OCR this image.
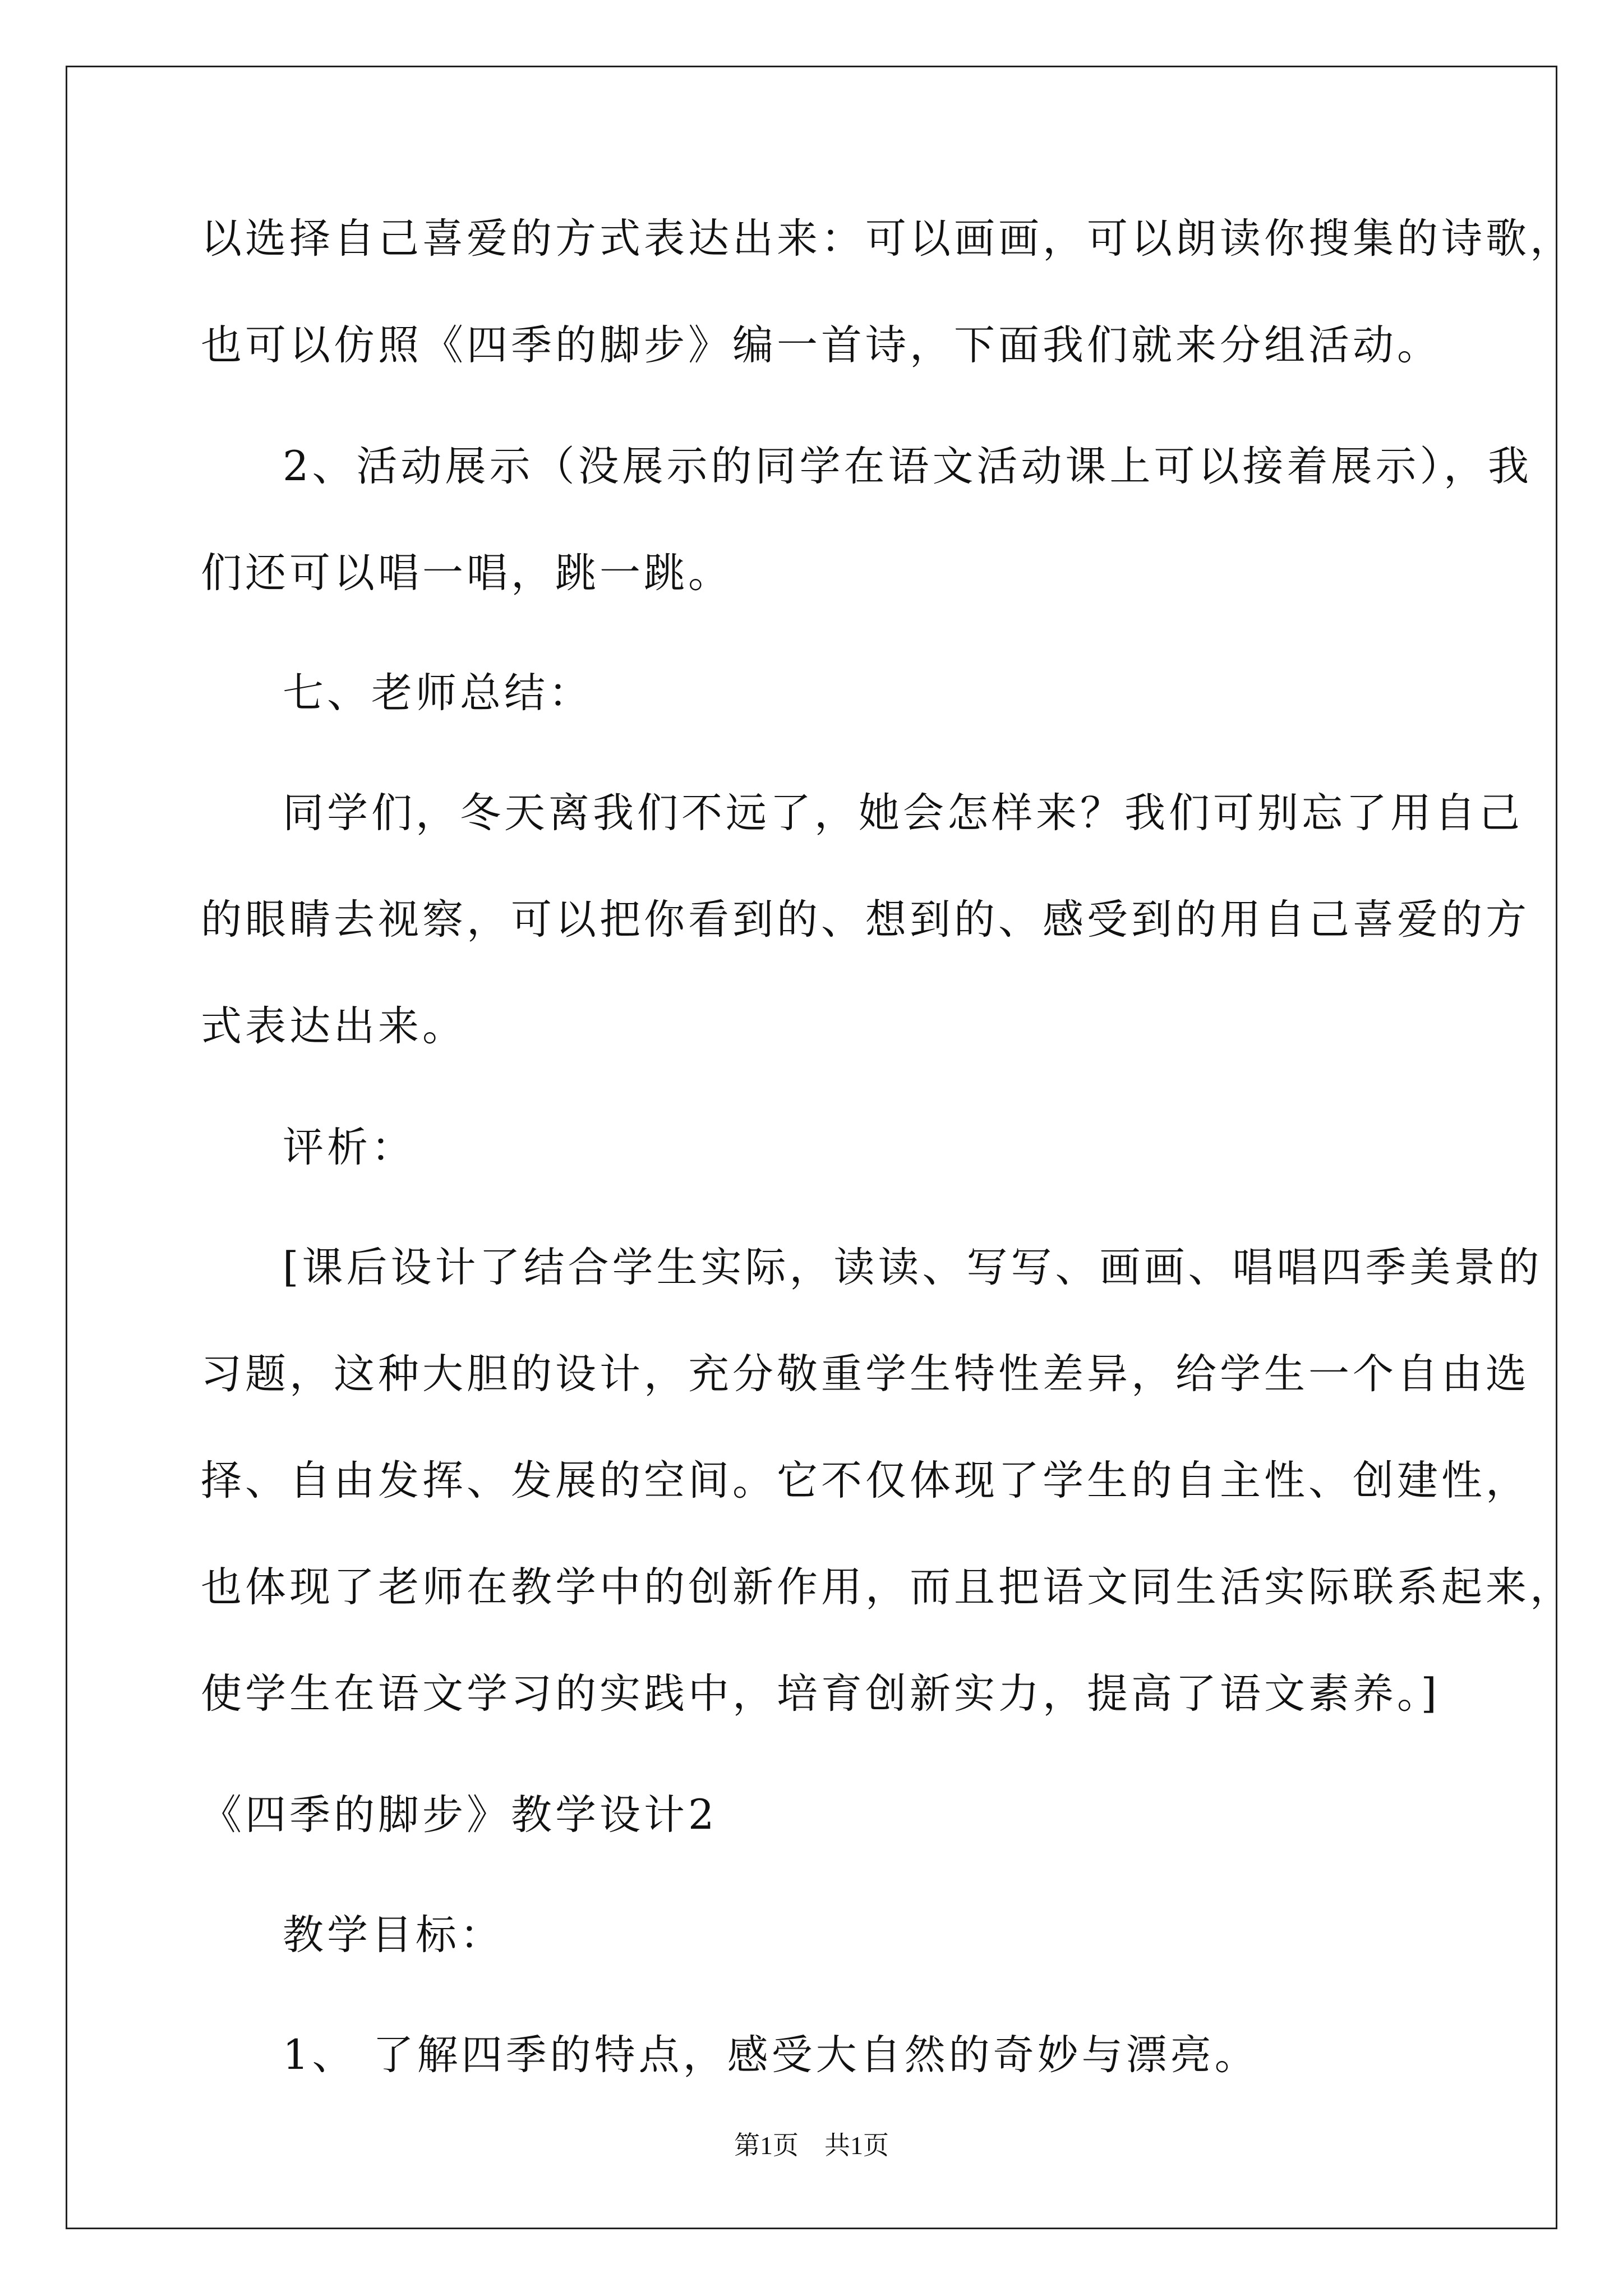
以选择自己喜爱的方式表达出来：可以画画，可以朗读你搜集的诗歌，
也可以仿照《四季的脚步》编一首诗，下面我们就来分组活动。
2、活动展示（没展示的同学在语文活动课上可以接着展示），我
们还可以唱一唱，跳一跳。
七、老师总结：
同学们，冬天离我们不远了，她会怎样来？我们可别忘了用自己
的眼睛去视察，可以把你看到的、想到的、感受到的用自己喜爱的方
式表达出来。
评析：
[课后设计了结合学生实际，读读、写写、画画、唱唱四季美景的
习题，这种大胆的设计，充分敬重学生特性差异，给学生一个自由选
择、自由发挥、发展的空间。它不仅体现了学生的自主性、创建性，
也体现了老师在教学中的创新作用，而且把语文同生活实际联系起来，
使学生在语文学习的实践中，培育创新实力，提高了语文素养。]
《四季的脚步》教学设计2
教学目标：
1、 了解四季的特点，感受大自然的奇妙与漂亮。
第1页　共1页
